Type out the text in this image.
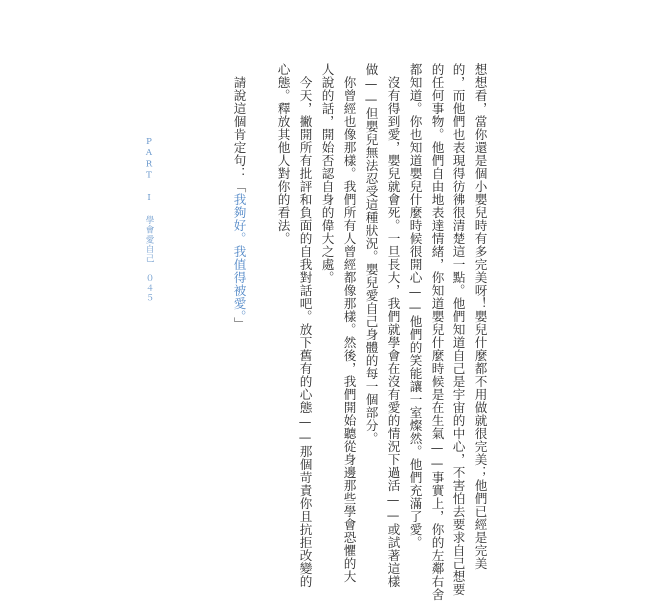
想想看，當你還是個小嬰兒時有多完美呀！嬰兒什麼都不用做就很完美；他們已經是完美
的，而他們也表現得彷彿很清楚這一點。他們知道自己是宇宙的中心，不害怕去要求自己想要
的任何事物。他們自由地表達情緒，你知道嬰兒什麼時候是在生氣——事實上，你的左鄰右舍
都知道。你也知道嬰兒什麼時候很開心——他們的笑能讓一室燦然。他們充滿了愛。
沒有得到愛，嬰兒就會死。一旦長大，我們就學會在沒有愛的情況下過活——或試著這樣
做——但嬰兒無法忍受這種狀況。嬰兒愛自己身體的每一個部分。
你曾經也像那樣。我們所有人曾經都像那樣。然後，我們開始聽從身邊那些學會恐懼的大
人說的話，開始否認自身的偉大之處。
今天，撇開所有批評和負面的自我對話吧。放下舊有的心態——那個苛責你且抗拒改變的
心態。釋放其他人對你的看法。
請說這個肯定句：「我夠好。我值得被愛。」
PART I 學會愛自己　０４５
